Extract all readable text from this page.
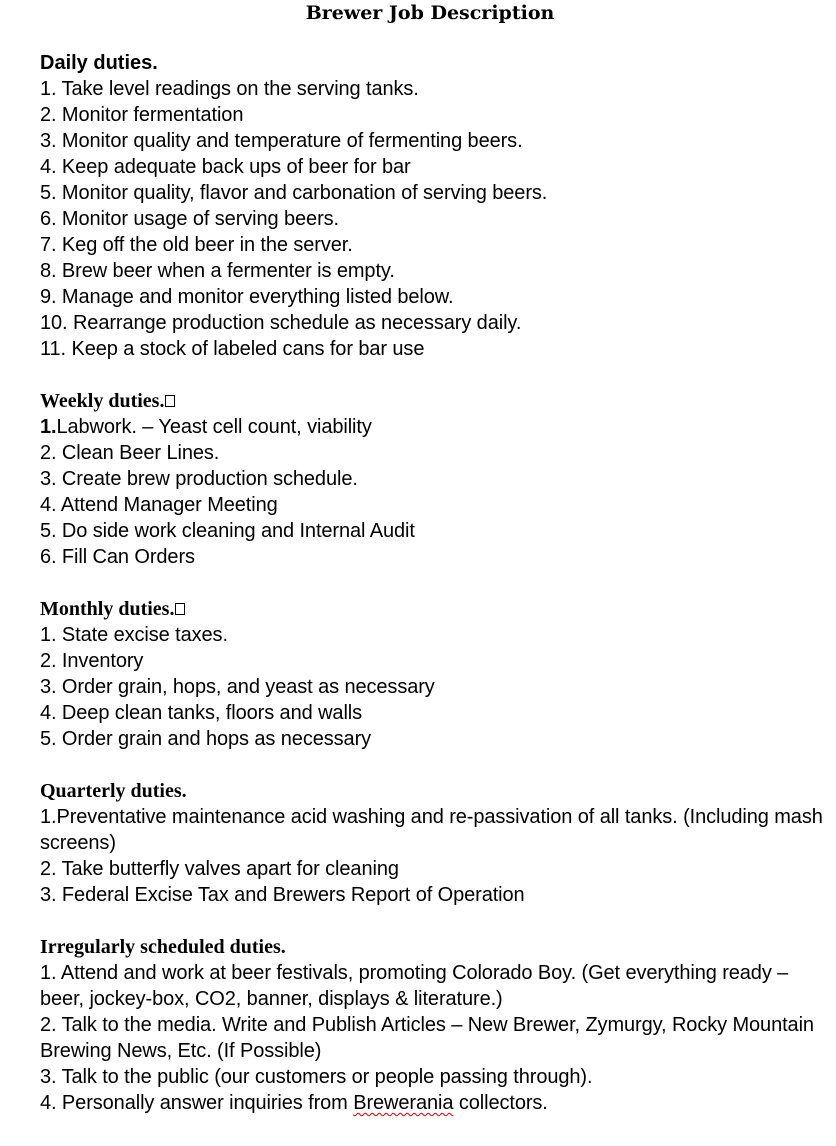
Brewer Job Description
Daily duties.
1. Take level readings on the serving tanks.
2. Monitor fermentation
3. Monitor quality and temperature of fermenting beers.
4. Keep adequate back ups of beer for bar
5. Monitor quality, flavor and carbonation of serving beers.
6. Monitor usage of serving beers.
7. Keg off the old beer in the server.
8. Brew beer when a fermenter is empty.
9. Manage and monitor everything listed below.
10. Rearrange production schedule as necessary daily.
11. Keep a stock of labeled cans for bar use
Weekly duties.
1.Labwork. – Yeast cell count, viability
2. Clean Beer Lines.
3. Create brew production schedule.
4. Attend Manager Meeting
5. Do side work cleaning and Internal Audit
6. Fill Can Orders
Monthly duties.
1. State excise taxes.
2. Inventory
3. Order grain, hops, and yeast as necessary
4. Deep clean tanks, floors and walls
5. Order grain and hops as necessary
Quarterly duties.
1.Preventative maintenance acid washing and re-passivation of all tanks. (Including mash screens)
2. Take butterfly valves apart for cleaning
3. Federal Excise Tax and Brewers Report of Operation
Irregularly scheduled duties.
1. Attend and work at beer festivals, promoting Colorado Boy. (Get everything ready – beer, jockey-box, CO2, banner, displays & literature.)
2. Talk to the media. Write and Publish Articles – New Brewer, Zymurgy, Rocky Mountain Brewing News, Etc. (If Possible)
3. Talk to the public (our customers or people passing through).
4. Personally answer inquiries from Brewerania collectors.
